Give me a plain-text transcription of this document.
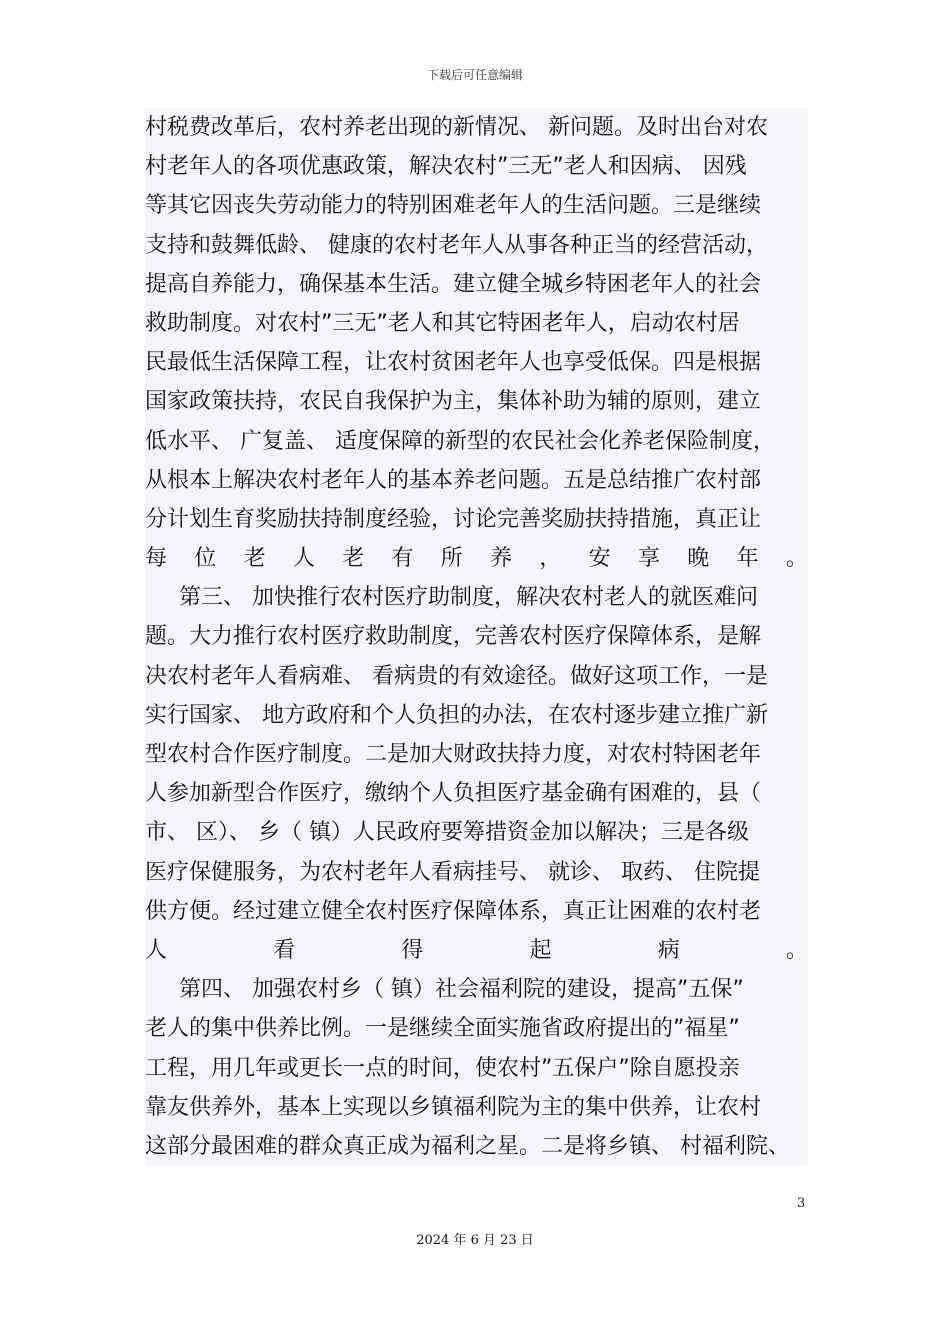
下载后可任意编辑
村税费改革后，农村养老出现的新情况、 新问题。及时出台对农
村老年人的各项优惠政策，解决农村”三无”老人和因病、 因残
等其它因丧失劳动能力的特别困难老年人的生活问题。三是继续
支持和鼓舞低龄、 健康的农村老年人从事各种正当的经营活动，
提高自养能力，确保基本生活。建立健全城乡特困老年人的社会
救助制度。对农村”三无”老人和其它特困老年人，启动农村居
民最低生活保障工程，让农村贫困老年人也享受低保。四是根据
国家政策扶持，农民自我保护为主，集体补助为辅的原则，建立
低水平、 广复盖、 适度保障的新型的农民社会化养老保险制度，
从根本上解决农村老年人的基本养老问题。五是总结推广农村部
分计划生育奖励扶持制度经验，讨论完善奖励扶持措施，真正让
每 位 老 人 老 有 所 养 ， 安 享 晚 年 。
第三、 加快推行农村医疗助制度，解决农村老人的就医难问
题。大力推行农村医疗救助制度，完善农村医疗保障体系，是解
决农村老年人看病难、 看病贵的有效途径。做好这项工作，一是
实行国家、 地方政府和个人负担的办法，在农村逐步建立推广新
型农村合作医疗制度。二是加大财政扶持力度，对农村特困老年
人参加新型合作医疗，缴纳个人负担医疗基金确有困难的，县（
市、 区）、 乡（ 镇）人民政府要筹措资金加以解决；三是各级
医疗保健服务，为农村老年人看病挂号、 就诊、 取药、 住院提
供方便。经过建立健全农村医疗保障体系，真正让困难的农村老
人	看	得	起	病	。
第四、 加强农村乡（ 镇）社会福利院的建设，提高”五保”
老人的集中供养比例。一是继续全面实施省政府提出的”福星”
工程，用几年或更长一点的时间，使农村”五保户”除自愿投亲
靠友供养外，基本上实现以乡镇福利院为主的集中供养，让农村
这部分最困难的群众真正成为福利之星。二是将乡镇、 村福利院、
3
2024 年 6 月 23 日
